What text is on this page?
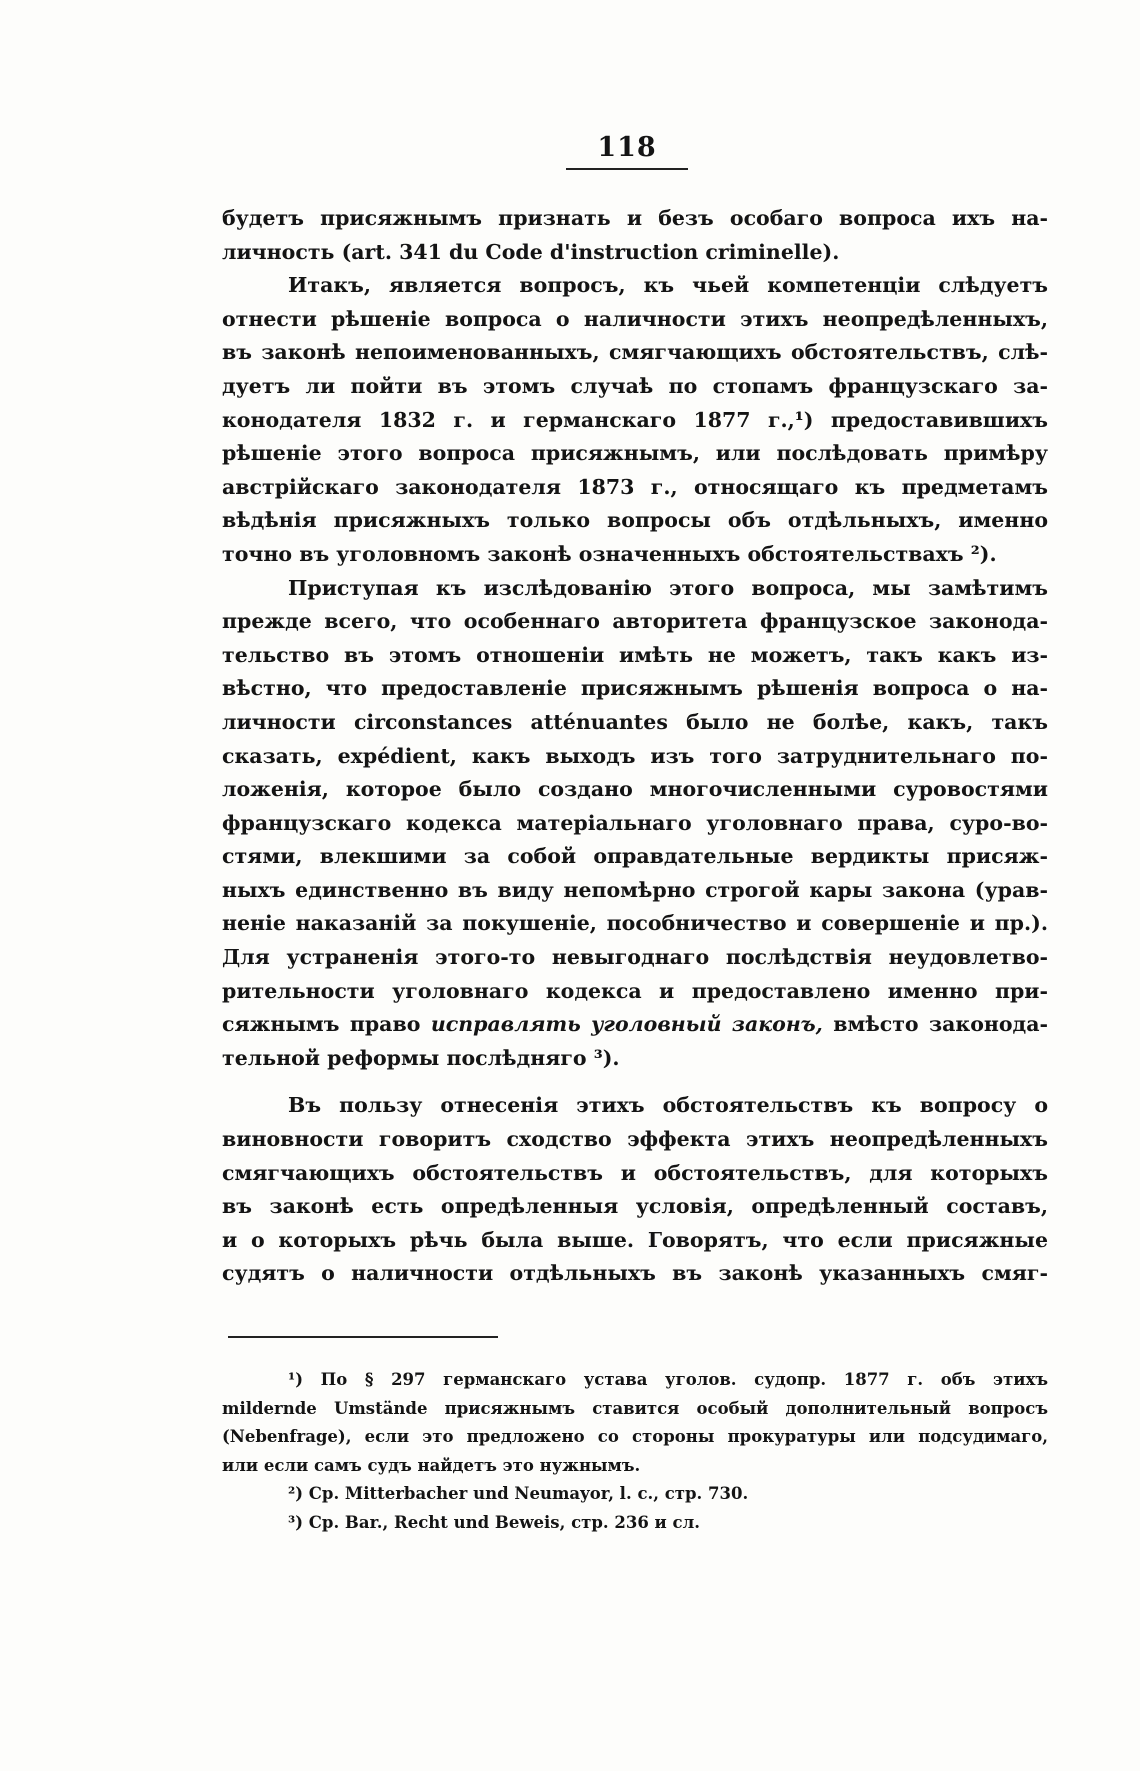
118
будетъ присяжнымъ признать и безъ особаго вопроса ихъ на-
личность (art. 341 du Code d'instruction criminelle).
Итакъ, является вопросъ, къ чьей компетенціи слѣдуетъ
отнести рѣшеніе вопроса о наличности этихъ неопредѣленныхъ,
въ законѣ непоименованныхъ, смягчающихъ обстоятельствъ, слѣ-
дуетъ ли пойти въ этомъ случаѣ по стопамъ французскаго за-
конодателя 1832 г. и германскаго 1877 г.,¹) предоставившихъ
рѣшеніе этого вопроса присяжнымъ, или послѣдовать примѣру
австрійскаго законодателя 1873 г., относящаго къ предметамъ
вѣдѣнія присяжныхъ только вопросы объ отдѣльныхъ, именно
точно въ уголовномъ законѣ означенныхъ обстоятельствахъ ²).
Приступая къ изслѣдованію этого вопроса, мы замѣтимъ
прежде всего, что особеннаго авторитета французское законода-
тельство въ этомъ отношеніи имѣть не можетъ, такъ какъ из-
вѣстно, что предоставленіе присяжнымъ рѣшенія вопроса о на-
личности circonstances atténuantes было не болѣе, какъ, такъ
сказать, expédient, какъ выходъ изъ того затруднительнаго по-
ложенія, которое было создано многочисленными суровостями
французскаго кодекса матеріальнаго уголовнаго права, суро-во-
стями, влекшими за собой оправдательные вердикты присяж-
ныхъ единственно въ виду непомѣрно строгой кары закона (урав-
неніе наказаній за покушеніе, пособничество и совершеніе и пр.).
Для устраненія этого-то невыгоднаго послѣдствія неудовлетво-
рительности уголовнаго кодекса и предоставлено именно при-
сяжнымъ право исправлять уголовный законъ, вмѣсто законода-
тельной реформы послѣдняго ³).
Въ пользу отнесенія этихъ обстоятельствъ къ вопросу о
виновности говоритъ сходство эффекта этихъ неопредѣленныхъ
смягчающихъ обстоятельствъ и обстоятельствъ, для которыхъ
въ законѣ есть опредѣленныя условія, опредѣленный составъ,
и о которыхъ рѣчь была выше. Говорятъ, что если присяжные
судятъ о наличности отдѣльныхъ въ законѣ указанныхъ смяг-
¹) По § 297 германскаго устава уголов. судопр. 1877 г. объ этихъ
milderndе Umstände присяжнымъ ставится особый дополнительный вопросъ
(Nebenfrage), если это предложено со стороны прокуратуры или подсудимаго,
или если самъ судъ найдетъ это нужнымъ.
²) Ср. Mitterbacher und Neumayor, l. c., стр. 730.
³) Ср. Bar., Recht und Beweis, стр. 236 и сл.
